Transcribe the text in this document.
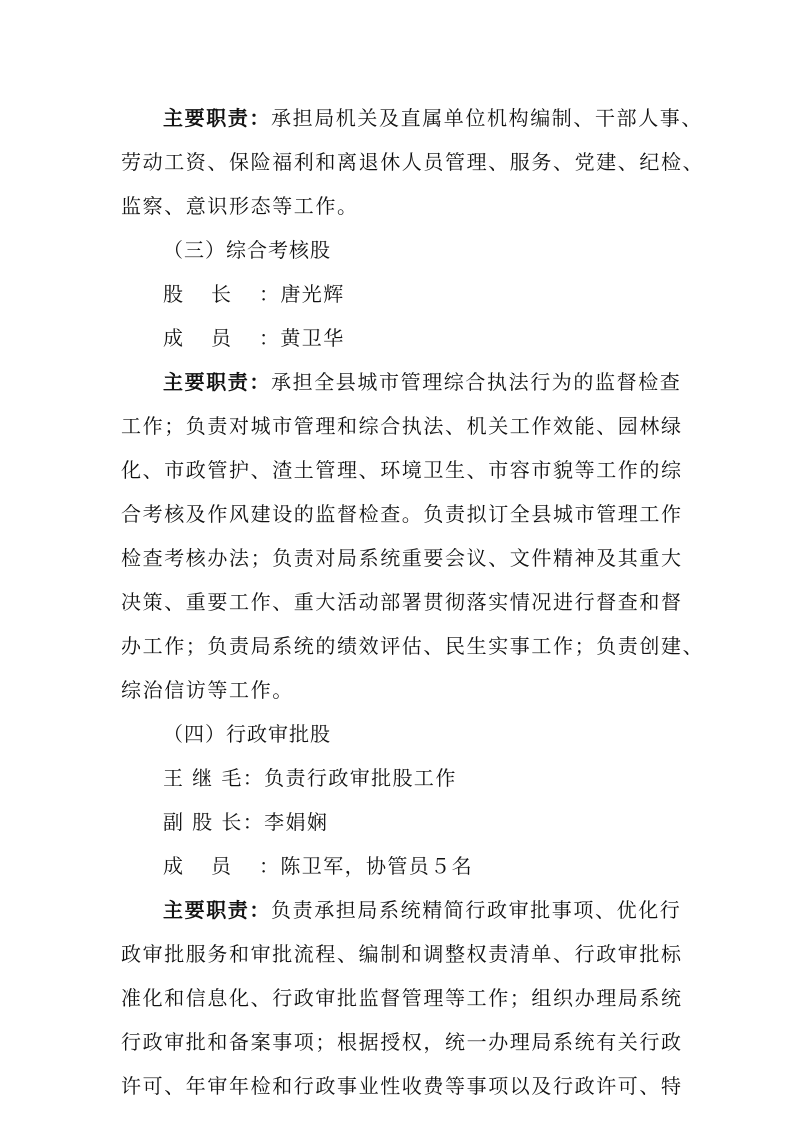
主要职责：承担局机关及直属单位机构编制、干部人事、
劳动工资、保险福利和离退休人员管理、服务、党建、纪检、
监察、意识形态等工作。
（三）综合考核股
股 长 ：唐光辉
成 员 ：黄卫华
主要职责：承担全县城市管理综合执法行为的监督检查
工作；负责对城市管理和综合执法、机关工作效能、园林绿
化、市政管护、渣土管理、环境卫生、市容市貌等工作的综
合考核及作风建设的监督检查。负责拟订全县城市管理工作
检查考核办法；负责对局系统重要会议、文件精神及其重大
决策、重要工作、重大活动部署贯彻落实情况进行督查和督
办工作；负责局系统的绩效评估、民生实事工作；负责创建、
综治信访等工作。
（四）行政审批股
王 继 毛：负责行政审批股工作
副 股 长：李娟娴
成 员 ：陈卫军，协管员５名
主要职责：负责承担局系统精简行政审批事项、优化行
政审批服务和审批流程、编制和调整权责清单、行政审批标
准化和信息化、行政审批监督管理等工作；组织办理局系统
行政审批和备案事项；根据授权，统一办理局系统有关行政
许可、年审年检和行政事业性收费等事项以及行政许可、特
